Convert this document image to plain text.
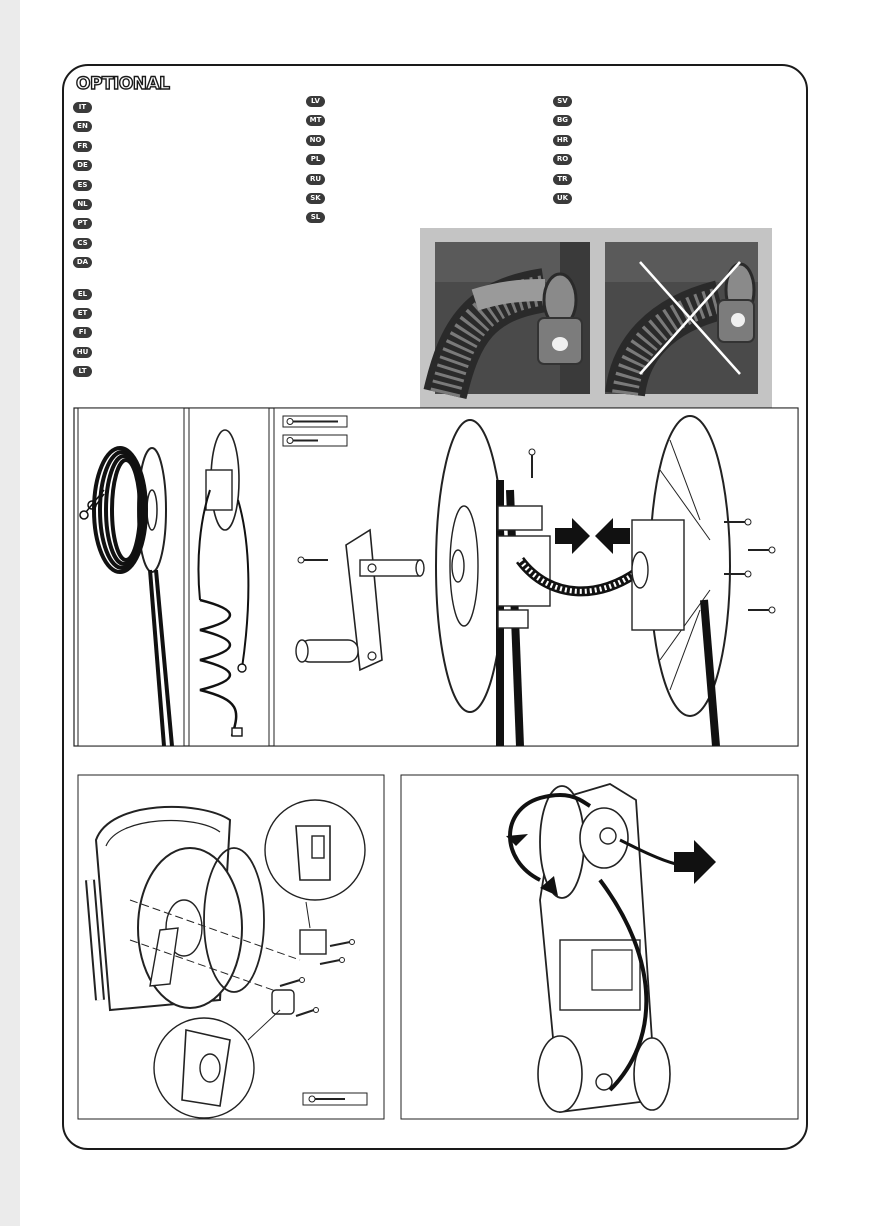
OPTIONAL
IT
EN
FR
DE
ES
NL
PT
CS
DA
EL
ET
FI
HU
LT
LV
MT
NO
PL
RU
SK
SL
SV
BG
HR
RO
TR
UK
